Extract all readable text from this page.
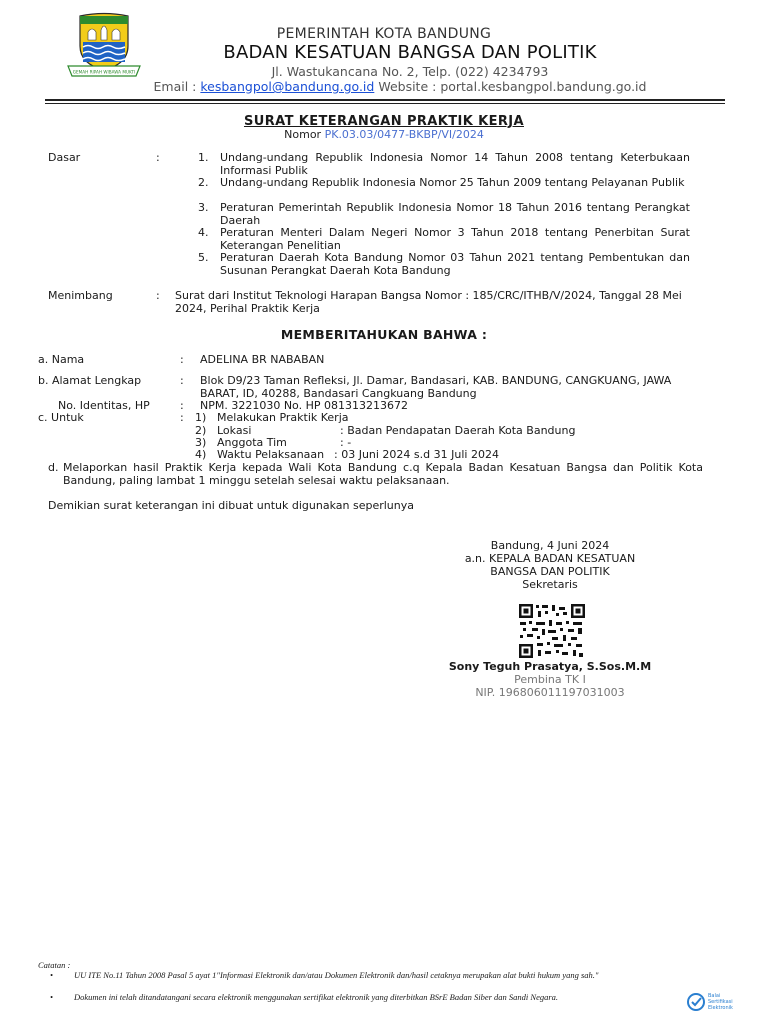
GEMAH RIPAH WIBAWA MUKTI
PEMERINTAH KOTA BANDUNG
BADAN KESATUAN BANGSA DAN POLITIK
Jl. Wastukancana No. 2, Telp. (022) 4234793
Email : kesbangpol@bandung.go.id Website : portal.kesbangpol.bandung.go.id
SURAT KETERANGAN PRAKTIK KERJA
Nomor PK.03.03/0477-BKBP/VI/2024
Dasar	:	1. Undang-undang Republik Indonesia Nomor 14 Tahun 2008 tentang Keterbukaan Informasi Publik
2. Undang-undang Republik Indonesia Nomor 25 Tahun 2009 tentang Pelayanan Publik
3. Peraturan Pemerintah Republik Indonesia Nomor 18 Tahun 2016 tentang Perangkat Daerah
4. Peraturan Menteri Dalam Negeri Nomor 3 Tahun 2018 tentang Penerbitan Surat Keterangan Penelitian
5. Peraturan Daerah Kota Bandung Nomor 03 Tahun 2021 tentang Pembentukan dan Susunan Perangkat Daerah Kota Bandung
Menimbang	: Surat dari Institut Teknologi Harapan Bangsa Nomor : 185/CRC/ITHB/V/2024, Tanggal 28 Mei 2024, Perihal Praktik Kerja
MEMBERITAHUKAN BAHWA :
a. Nama	: ADELINA BR NABABAN
b. Alamat Lengkap	: Blok D9/23 Taman Refleksi, Jl. Damar, Bandasari, KAB. BANDUNG, CANGKUANG, JAWA BARAT, ID, 40288, Bandasari Cangkuang Bandung
No. Identitas, HP	: NPM. 3221030 No. HP 081313213672
c. Untuk	: 1) Melakukan Praktik Kerja
2) Lokasi	: Badan Pendapatan Daerah Kota Bandung
3) Anggota Tim	: -
4) Waktu Pelaksanaan : 03 Juni 2024 s.d 31 Juli 2024
d. Melaporkan hasil Praktik Kerja kepada Wali Kota Bandung c.q Kepala Badan Kesatuan Bangsa dan Politik Kota Bandung, paling lambat 1 minggu setelah selesai waktu pelaksanaan.
Demikian surat keterangan ini dibuat untuk digunakan seperlunya
Bandung, 4 Juni 2024
a.n. KEPALA BADAN KESATUAN
BANGSA DAN POLITIK
Sekretaris
Sony Teguh Prasatya, S.Sos.M.M
Pembina TK I
NIP. 196806011197031003
Catatan :
• UU ITE No.11 Tahun 2008 Pasal 5 ayat 1"Informasi Elektronik dan/atau Dokumen Elektronik dan/hasil cetaknya merupakan alat bukti hukum yang sah."
• Dokumen ini telah ditandatangani secara elektronik menggunakan sertifikat elektronik yang diterbitkan BSrE Badan Siber dan Sandi Negara.	Balai
Sertifikasi
Elektronik
